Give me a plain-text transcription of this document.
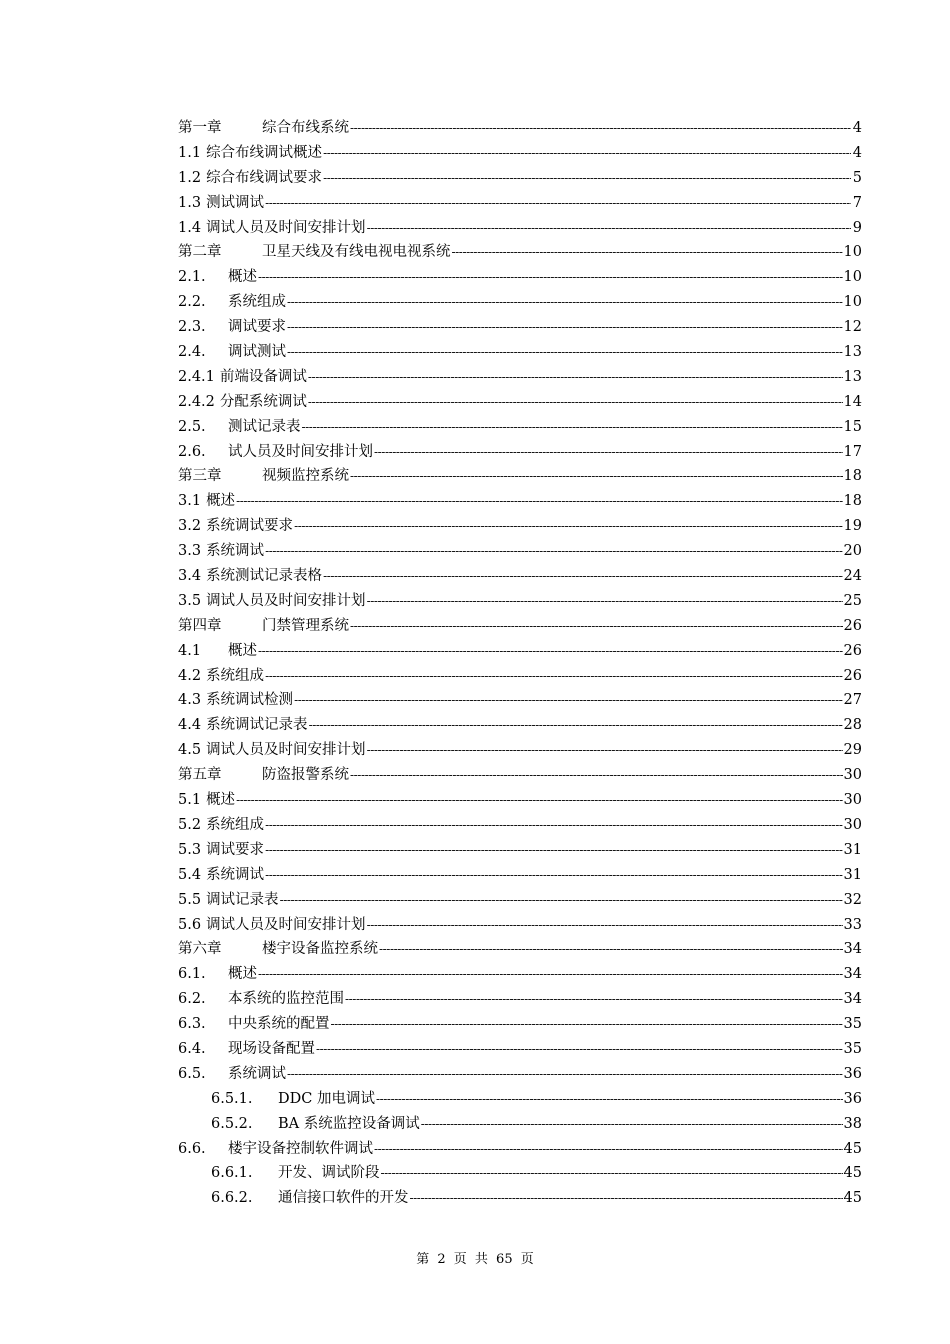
第一章	综合布线系统 -----	4
1.1 综合布线调试概述 -----	4
1.2 综合布线调试要求 -----	5
1.3 测试调试 -----	7
1.4 调试人员及时间安排计划 -----	9
第二章	卫星天线及有线电视电视系统 -----	10
2.1.	概述 -----	10
2.2.	系统组成 -----	10
2.3.	调试要求 -----	12
2.4.	调试测试 -----	13
2.4.1 前端设备调试 -----	13
2.4.2 分配系统调试 -----	14
2.5.	测试记录表 -----	15
2.6.	试人员及时间安排计划 -----	17
第三章	视频监控系统 -----	18
3.1 概述 -----	18
3.2 系统调试要求 -----	19
3.3 系统调试 -----	20
3.4 系统测试记录表格 -----	24
3.5 调试人员及时间安排计划 -----	25
第四章	门禁管理系统 -----	26
4.1	概述 -----	26
4.2 系统组成 -----	26
4.3 系统调试检测 -----	27
4.4 系统调试记录表 -----	28
4.5 调试人员及时间安排计划 -----	29
第五章	防盗报警系统 -----	30
5.1 概述 -----	30
5.2 系统组成 -----	30
5.3 调试要求 -----	31
5.4 系统调试 -----	31
5.5 调试记录表 -----	32
5.6 调试人员及时间安排计划 -----	33
第六章	楼宇设备监控系统 -----	34
6.1.	概述 -----	34
6.2.	本系统的监控范围 -----	34
6.3.	中央系统的配置 -----	35
6.4.	现场设备配置 -----	35
6.5.	系统调试 -----	36
6.5.1.	DDC 加电调试 -----	36
6.5.2.	BA 系统监控设备调试 -----	38
6.6.	楼宇设备控制软件调试 -----	45
6.6.1.	开发、调试阶段 -----	45
6.6.2.	通信接口软件的开发 -----	45
第 2 页 共 65 页
